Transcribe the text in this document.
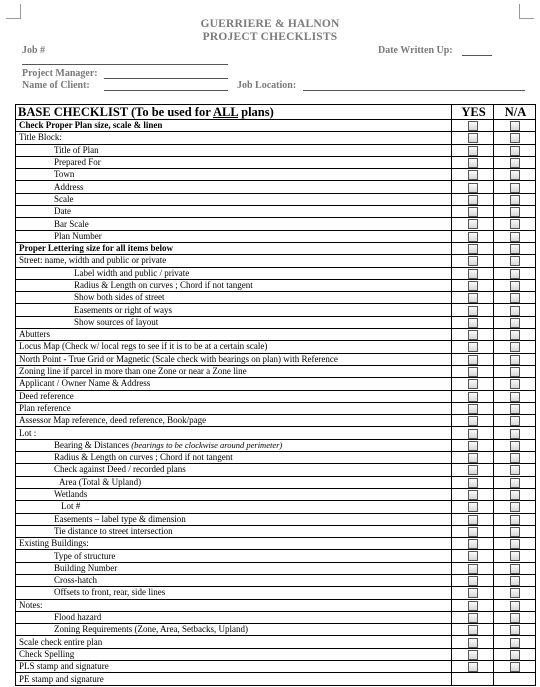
GUERRIERE & HALNON
PROJECT CHECKLISTS
Job #	Date Written Up:
Project Manager:
Name of Client:	Job Location:
BASE CHECKLIST (To be used for ALL plans)	YES	N/A
Check Proper Plan size, scale & linen		
Title Block:		
Title of Plan		
Prepared For		
Town		
Address		
Scale		
Date		
Bar Scale		
Plan Number		
Proper Lettering size for all items below		
Street: name, width and public or private		
Label width and public / private		
Radius & Length on curves ; Chord if not tangent		
Show both sides of street		
Easements or right of ways		
Show sources of layout		
Abutters		
Locus Map (Check w/ local regs to see if it is to be at a certain scale)		
North Point - True Grid or Magnetic (Scale check with bearings on plan) with Reference		
Zoning line if parcel in more than one Zone or near a Zone line		
Applicant / Owner Name & Address		
Deed reference		
Plan reference		
Assessor Map reference, deed reference, Book/page		
Lot :		
Bearing & Distances (bearings to be clockwise around perimeter)		
Radius & Length on curves ; Chord if not tangent		
Check against Deed / recorded plans		
Area (Total & Upland)		
Wetlands		
Lot #		
Easements – label type & dimension		
Tie distance to street intersection		
Existing Buildings:		
Type of structure		
Building Number		
Cross-hatch		
Offsets to front, rear, side lines		
Notes:		
Flood hazard		
Zoning Requirements (Zone, Area, Setbacks, Upland)		
Scale check entire plan		
Check Spelling		
PLS stamp and signature		
PE stamp and signature		
